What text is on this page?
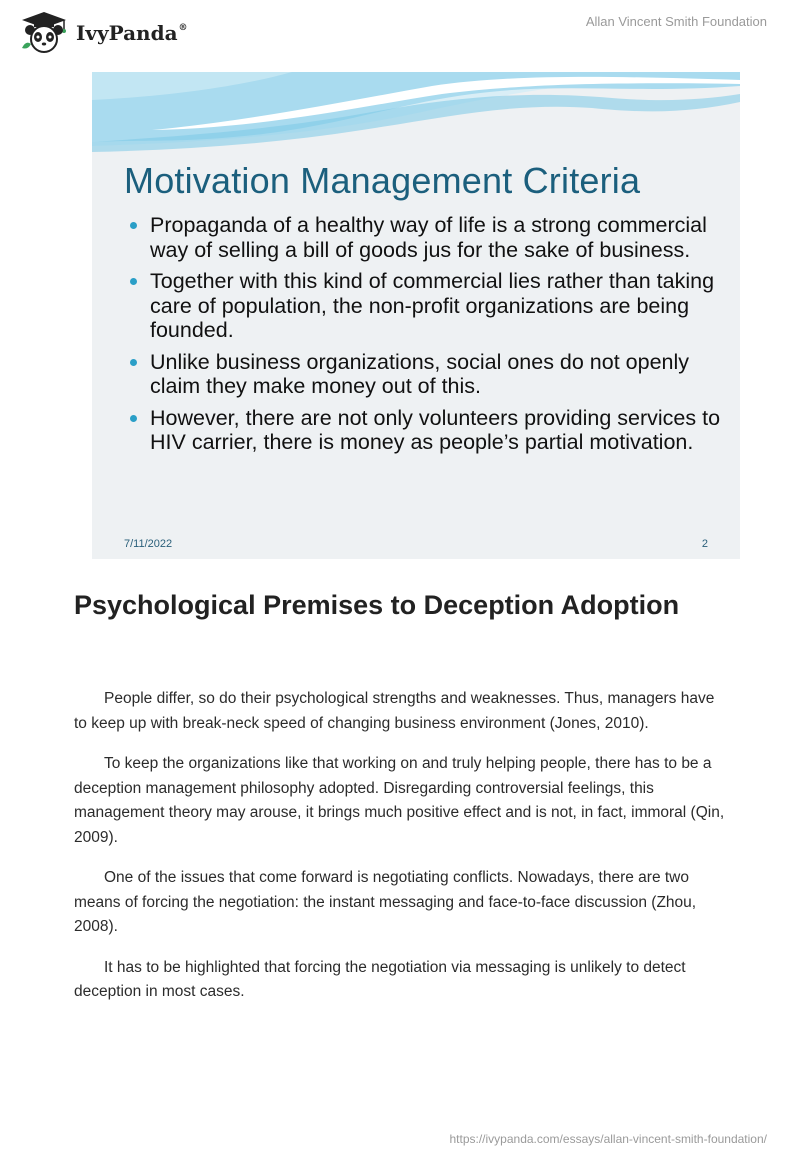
IvyPanda®	Allan Vincent Smith Foundation
Motivation Management Criteria
Propaganda of a healthy way of life is a strong commercial way of selling a bill of goods jus for the sake of business.
Together with this kind of commercial lies rather than taking care of population, the non-profit organizations are being founded.
Unlike business organizations, social ones do not openly claim they make money out of this.
However, there are not only volunteers providing services to HIV carrier, there is money as people’s partial motivation.
7/11/2022	2
Psychological Premises to Deception Adoption

People differ, so do their psychological strengths and weaknesses. Thus, managers have to keep up with break-neck speed of changing business environment (Jones, 2010).

To keep the organizations like that working on and truly helping people, there has to be a deception management philosophy adopted. Disregarding controversial feelings, this management theory may arouse, it brings much positive effect and is not, in fact, immoral (Qin, 2009).

One of the issues that come forward is negotiating conflicts. Nowadays, there are two means of forcing the negotiation: the instant messaging and face-to-face discussion (Zhou, 2008).

It has to be highlighted that forcing the negotiation via messaging is unlikely to detect deception in most cases.

https://ivypanda.com/essays/allan-vincent-smith-foundation/
